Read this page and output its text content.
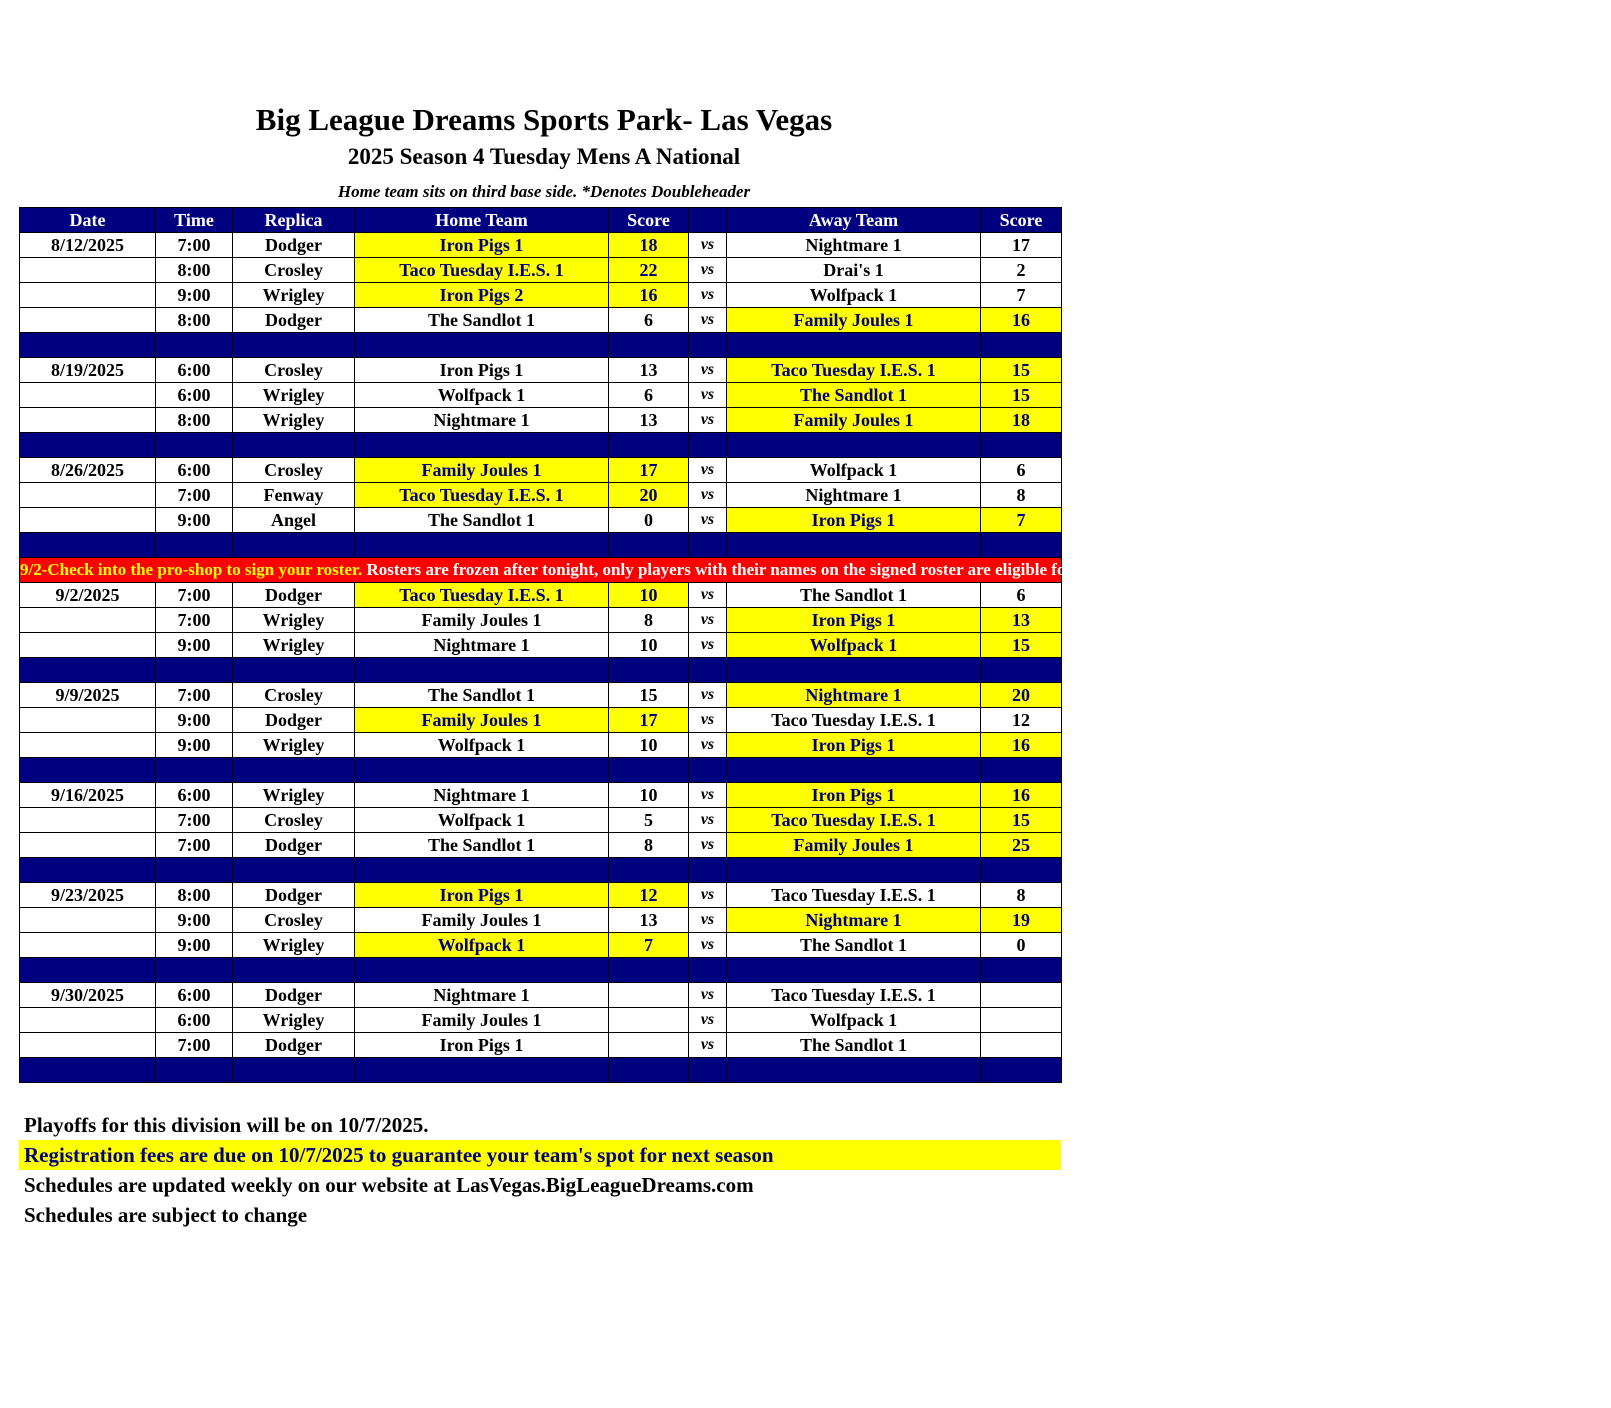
Big League Dreams Sports Park- Las Vegas
2025 Season 4 Tuesday Mens A National
Home team sits on third base side. *Denotes Doubleheader
Date	Time	Replica	Home Team	Score		Away Team	Score
8/12/2025	7:00	Dodger	Iron Pigs 1	18	vs	Nightmare 1	17
	8:00	Crosley	Taco Tuesday I.E.S. 1	22	vs	Drai's 1	2
	9:00	Wrigley	Iron Pigs 2	16	vs	Wolfpack 1	7
	8:00	Dodger	The Sandlot 1	6	vs	Family Joules 1	16

8/19/2025	6:00	Crosley	Iron Pigs 1	13	vs	Taco Tuesday I.E.S. 1	15
	6:00	Wrigley	Wolfpack 1	6	vs	The Sandlot 1	15
	8:00	Wrigley	Nightmare 1	13	vs	Family Joules 1	18

8/26/2025	6:00	Crosley	Family Joules 1	17	vs	Wolfpack 1	6
	7:00	Fenway	Taco Tuesday I.E.S. 1	20	vs	Nightmare 1	8
	9:00	Angel	The Sandlot 1	0	vs	Iron Pigs 1	7

9/2-Check into the pro-shop to sign your roster. Rosters are frozen after tonight, only players with their names on the signed roster are eligible for playoffs. Please check carefully as changes will not be made for omissions.							
9/2/2025	7:00	Dodger	Taco Tuesday I.E.S. 1	10	vs	The Sandlot 1	6
	7:00	Wrigley	Family Joules 1	8	vs	Iron Pigs 1	13
	9:00	Wrigley	Nightmare 1	10	vs	Wolfpack 1	15

9/9/2025	7:00	Crosley	The Sandlot 1	15	vs	Nightmare 1	20
	9:00	Dodger	Family Joules 1	17	vs	Taco Tuesday I.E.S. 1	12
	9:00	Wrigley	Wolfpack 1	10	vs	Iron Pigs 1	16

9/16/2025	6:00	Wrigley	Nightmare 1	10	vs	Iron Pigs 1	16
	7:00	Crosley	Wolfpack 1	5	vs	Taco Tuesday I.E.S. 1	15
	7:00	Dodger	The Sandlot 1	8	vs	Family Joules 1	25

9/23/2025	8:00	Dodger	Iron Pigs 1	12	vs	Taco Tuesday I.E.S. 1	8
	9:00	Crosley	Family Joules 1	13	vs	Nightmare 1	19
	9:00	Wrigley	Wolfpack 1	7	vs	The Sandlot 1	0

9/30/2025	6:00	Dodger	Nightmare 1		vs	Taco Tuesday I.E.S. 1	
	6:00	Wrigley	Family Joules 1		vs	Wolfpack 1	
	7:00	Dodger	Iron Pigs 1		vs	The Sandlot 1	

Playoffs for this division will be on 10/7/2025.
Registration fees are due on 10/7/2025 to guarantee your team's spot for next season
Schedules are updated weekly on our website at LasVegas.BigLeagueDreams.com
Schedules are subject to change
